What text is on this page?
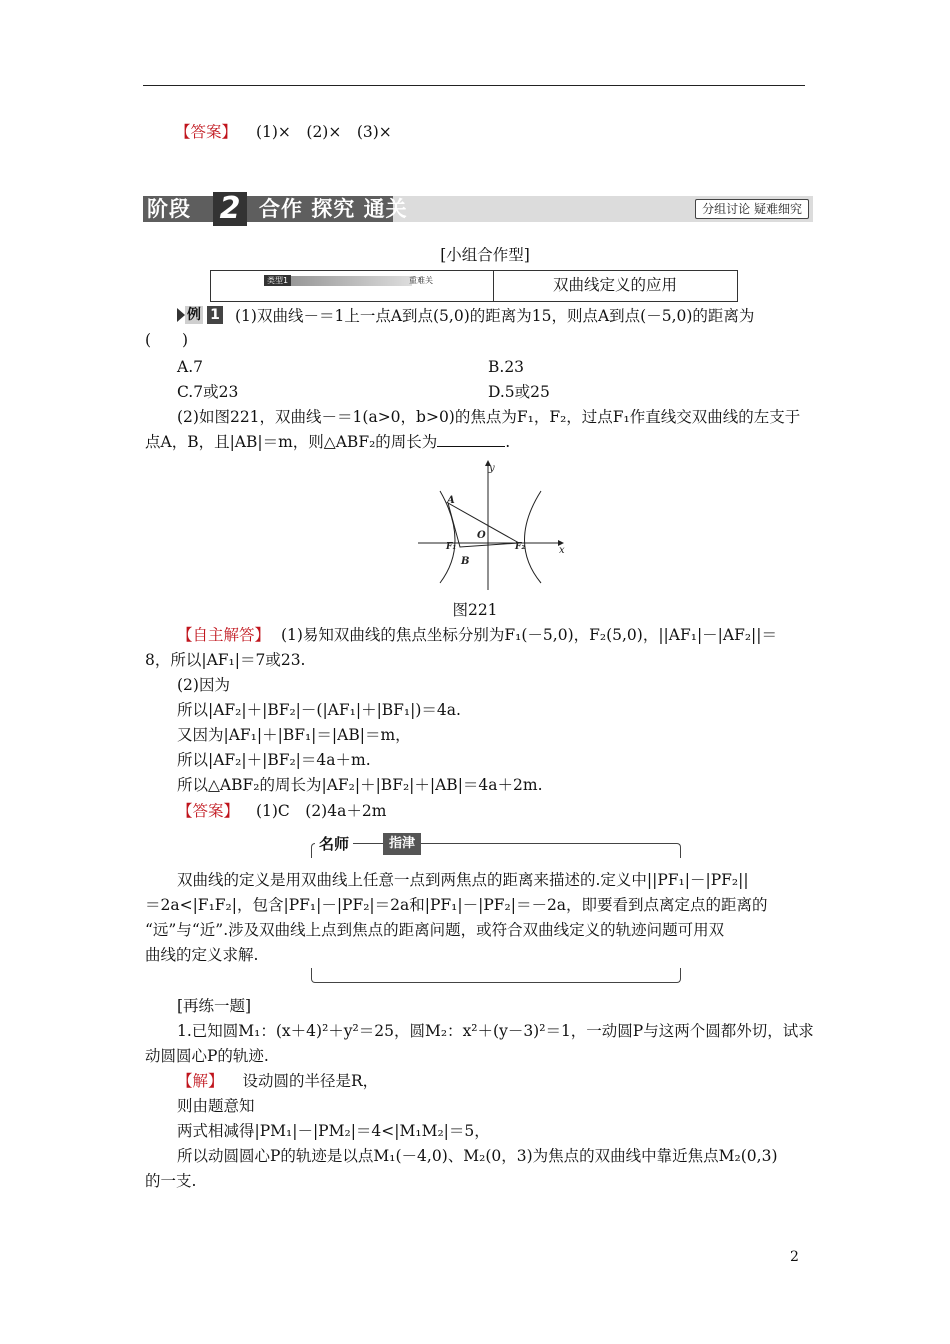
【答案】 (1)×　(2)×　(3)×
阶段 2 合作 探究 通关	分组讨论 疑难细究
[小组合作型]
类型1	重难关	双曲线定义的应用
例 1 (1)双曲线－＝1上一点A到点(5,0)的距离为15，则点A到点(－5,0)的距离为
(　　)
A.7	B.23
C.7或23	D.5或25
(2)如图221，双曲线－＝1(a>0，b>0)的焦点为F₁，F₂，过点F₁作直线交双曲线的左支于
点A，B，且|AB|＝m，则△ABF₂的周长为	.
y
x
A
O
F₁	F₂
B
图221
【自主解答】 (1)易知双曲线的焦点坐标分别为F₁(－5,0)，F₂(5,0)，||AF₁|－|AF₂||＝
8，所以|AF₁|＝7或23.
(2)因为
所以|AF₂|＋|BF₂|－(|AF₁|＋|BF₁|)＝4a.
又因为|AF₁|＋|BF₁|＝|AB|＝m，
所以|AF₂|＋|BF₂|＝4a＋m.
所以△ABF₂的周长为|AF₂|＋|BF₂|＋|AB|＝4a＋2m.
【答案】 (1)C　(2)4a＋2m
名师	指津
双曲线的定义是用双曲线上任意一点到两焦点的距离来描述的.定义中||PF₁|－|PF₂||
＝2a<|F₁F₂|，包含|PF₁|－|PF₂|＝2a和|PF₁|－|PF₂|＝－2a，即要看到点离定点的距离的
“远”与“近”.涉及双曲线上点到焦点的距离问题，或符合双曲线定义的轨迹问题可用双
曲线的定义求解.
[再练一题]
1.已知圆M₁：(x＋4)²＋y²＝25，圆M₂：x²＋(y－3)²＝1，一动圆P与这两个圆都外切，试求
动圆圆心P的轨迹.
【解】 设动圆的半径是R，
则由题意知
两式相减得|PM₁|－|PM₂|＝4<|M₁M₂|＝5，
所以动圆圆心P的轨迹是以点M₁(－4,0)、M₂(0，3)为焦点的双曲线中靠近焦点M₂(0,3)
的一支.
2
